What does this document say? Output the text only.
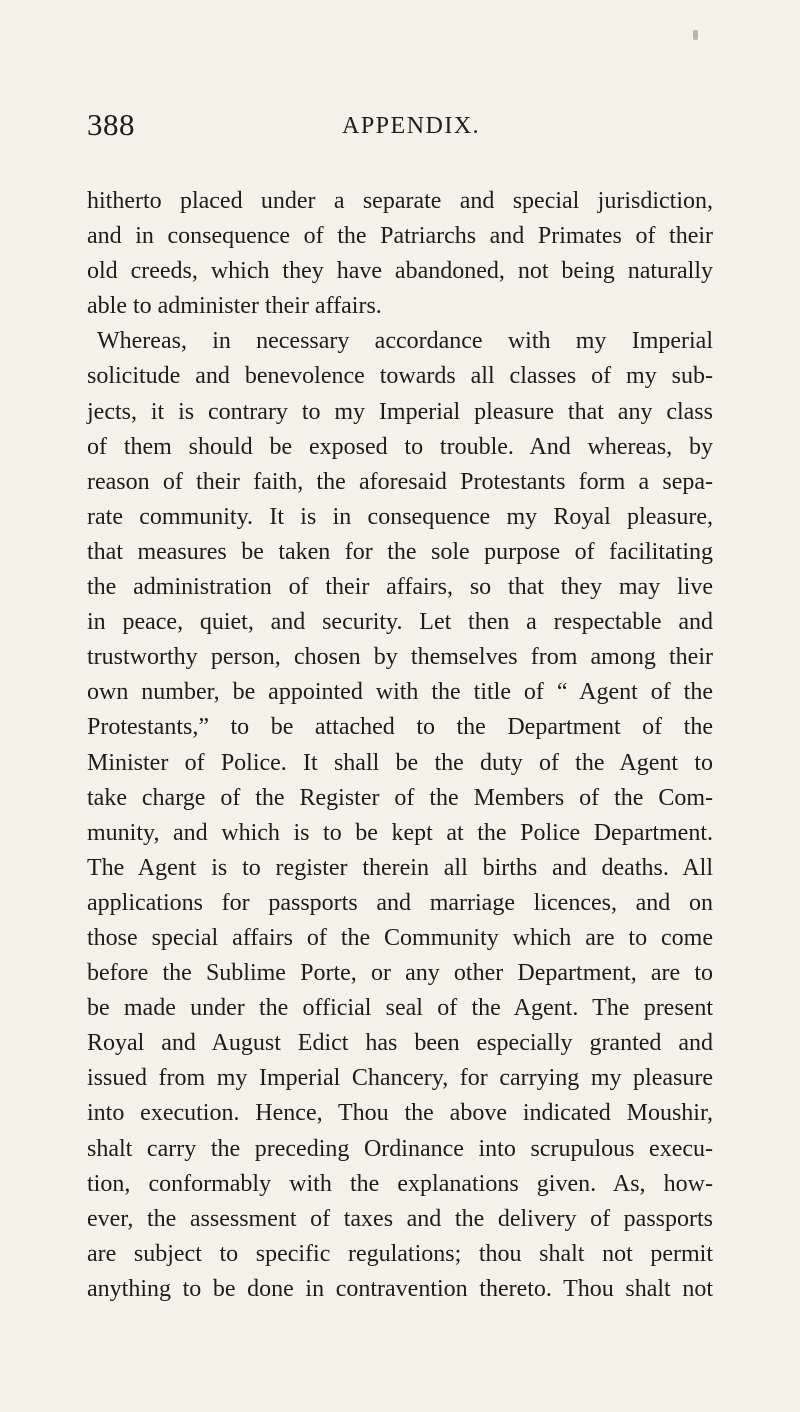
388	APPENDIX.
hitherto placed under a separate and special jurisdiction,
and in consequence of the Patriarchs and Primates of their
old creeds, which they have abandoned, not being naturally
able to administer their affairs.
Whereas, in necessary accordance with my Imperial
solicitude and benevolence towards all classes of my sub-
jects, it is contrary to my Imperial pleasure that any class
of them should be exposed to trouble. And whereas, by
reason of their faith, the aforesaid Protestants form a sepa-
rate community. It is in consequence my Royal pleasure,
that measures be taken for the sole purpose of facilitating
the administration of their affairs, so that they may live
in peace, quiet, and security. Let then a respectable and
trustworthy person, chosen by themselves from among their
own number, be appointed with the title of “ Agent of the
Protestants,” to be attached to the Department of the
Minister of Police. It shall be the duty of the Agent to
take charge of the Register of the Members of the Com-
munity, and which is to be kept at the Police Department.
The Agent is to register therein all births and deaths. All
applications for passports and marriage licences, and on
those special affairs of the Community which are to come
before the Sublime Porte, or any other Department, are to
be made under the official seal of the Agent. The present
Royal and August Edict has been especially granted and
issued from my Imperial Chancery, for carrying my pleasure
into execution. Hence, Thou the above indicated Moushir,
shalt carry the preceding Ordinance into scrupulous execu-
tion, conformably with the explanations given. As, how-
ever, the assessment of taxes and the delivery of passports
are subject to specific regulations; thou shalt not permit
anything to be done in contravention thereto. Thou shalt not
